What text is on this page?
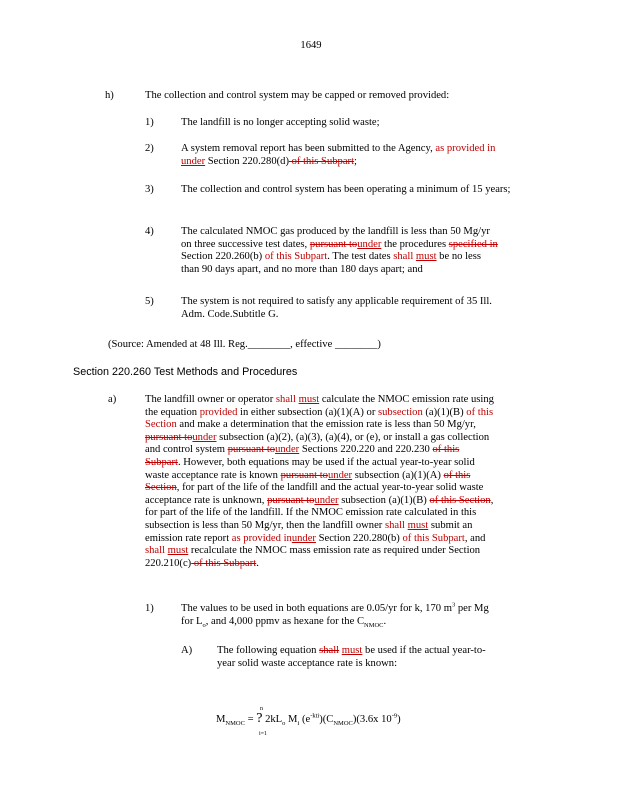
1649
h)	The collection and control system may be capped or removed provided:
1)	The landfill is no longer accepting solid waste;
2)	A system removal report has been submitted to the Agency, as provided in
under Section 220.280(d) of this Subpart;
3)	The collection and control system has been operating a minimum of 15 years;
4)	The calculated NMOC gas produced by the landfill is less than 50 Mg/yr
on three successive test dates, pursuant tounder the procedures specified in
Section 220.260(b) of this Subpart. The test dates shall must be no less
than 90 days apart, and no more than 180 days apart; and
5)	The system is not required to satisfy any applicable requirement of 35 Ill.
Adm. Code.Subtitle G.
(Source: Amended at 48 Ill. Reg.________, effective ________)
Section 220.260 Test Methods and Procedures
a)	The landfill owner or operator shall must calculate the NMOC emission rate using
the equation provided in either subsection (a)(1)(A) or subsection (a)(1)(B) of this
Section and make a determination that the emission rate is less than 50 Mg/yr,
pursuant tounder subsection (a)(2), (a)(3), (a)(4), or (e), or install a gas collection
and control system pursuant tounder Sections 220.220 and 220.230 of this
Subpart. However, both equations may be used if the actual year-to-year solid
waste acceptance rate is known pursuant tounder subsection (a)(1)(A) of this
Section, for part of the life of the landfill and the actual year-to-year solid waste
acceptance rate is unknown, pursuant tounder subsection (a)(1)(B) of this Section,
for part of the life of the landfill. If the NMOC emission rate calculated in this
subsection is less than 50 Mg/yr, then the landfill owner shall must submit an
emission rate report as provided inunder Section 220.280(b) of this Subpart, and
shall must recalculate the NMOC mass emission rate as required under Section
220.210(c) of this Subpart.
1)	The values to be used in both equations are 0.05/yr for k, 170 $m^3$ per Mg
for $L_o$, and 4,000 ppmv as hexane for the $C_{NMOC}$.
A) The following equation shall must be used if the actual year-to-
year solid waste acceptance rate is known:
n
i=1
$M_{NMOC}$ = ? $2kL_o$ $M_i$ $(e^{-kti})(C_{NMOC})(3.6x$ $10^{-9}$)
